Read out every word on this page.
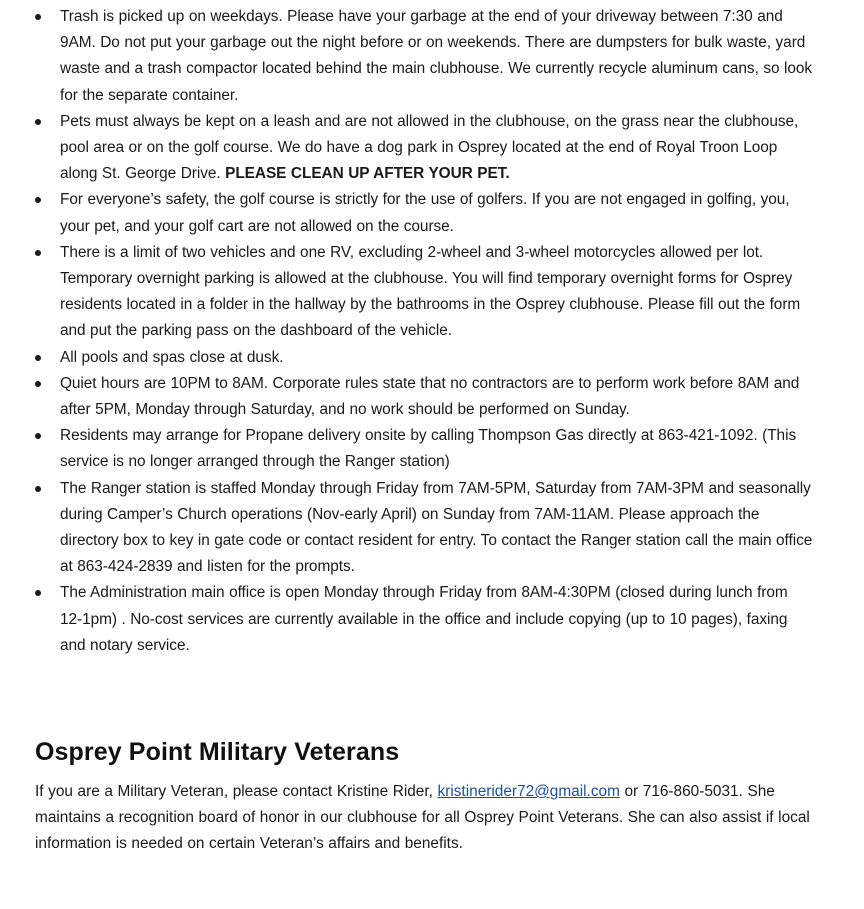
Trash is picked up on weekdays. Please have your garbage at the end of your driveway between 7:30 and 9AM. Do not put your garbage out the night before or on weekends. There are dumpsters for bulk waste, yard waste and a trash compactor located behind the main clubhouse. We currently recycle aluminum cans, so look for the separate container.
Pets must always be kept on a leash and are not allowed in the clubhouse, on the grass near the clubhouse, pool area or on the golf course. We do have a dog park in Osprey located at the end of Royal Troon Loop along St. George Drive. PLEASE CLEAN UP AFTER YOUR PET.
For everyone’s safety, the golf course is strictly for the use of golfers. If you are not engaged in golfing, you, your pet, and your golf cart are not allowed on the course.
There is a limit of two vehicles and one RV, excluding 2-wheel and 3-wheel motorcycles allowed per lot. Temporary overnight parking is allowed at the clubhouse. You will find temporary overnight forms for Osprey residents located in a folder in the hallway by the bathrooms in the Osprey clubhouse. Please fill out the form and put the parking pass on the dashboard of the vehicle.
All pools and spas close at dusk.
Quiet hours are 10PM to 8AM. Corporate rules state that no contractors are to perform work before 8AM and after 5PM, Monday through Saturday, and no work should be performed on Sunday.
Residents may arrange for Propane delivery onsite by calling Thompson Gas directly at 863-421-1092. (This service is no longer arranged through the Ranger station)
The Ranger station is staffed Monday through Friday from 7AM-5PM, Saturday from 7AM-3PM and seasonally during Camper’s Church operations (Nov-early April) on Sunday from 7AM-11AM. Please approach the directory box to key in gate code or contact resident for entry. To contact the Ranger station call the main office at 863-424-2839 and listen for the prompts.
The Administration main office is open Monday through Friday from 8AM-4:30PM (closed during lunch from 12-1pm) . No-cost services are currently available in the office and include copying (up to 10 pages), faxing and notary service.
Osprey Point Military Veterans

If you are a Military Veteran, please contact Kristine Rider, kristinerider72@gmail.com or 716-860-5031. She maintains a recognition board of honor in our clubhouse for all Osprey Point Veterans. She can also assist if local information is needed on certain Veteran’s affairs and benefits.
